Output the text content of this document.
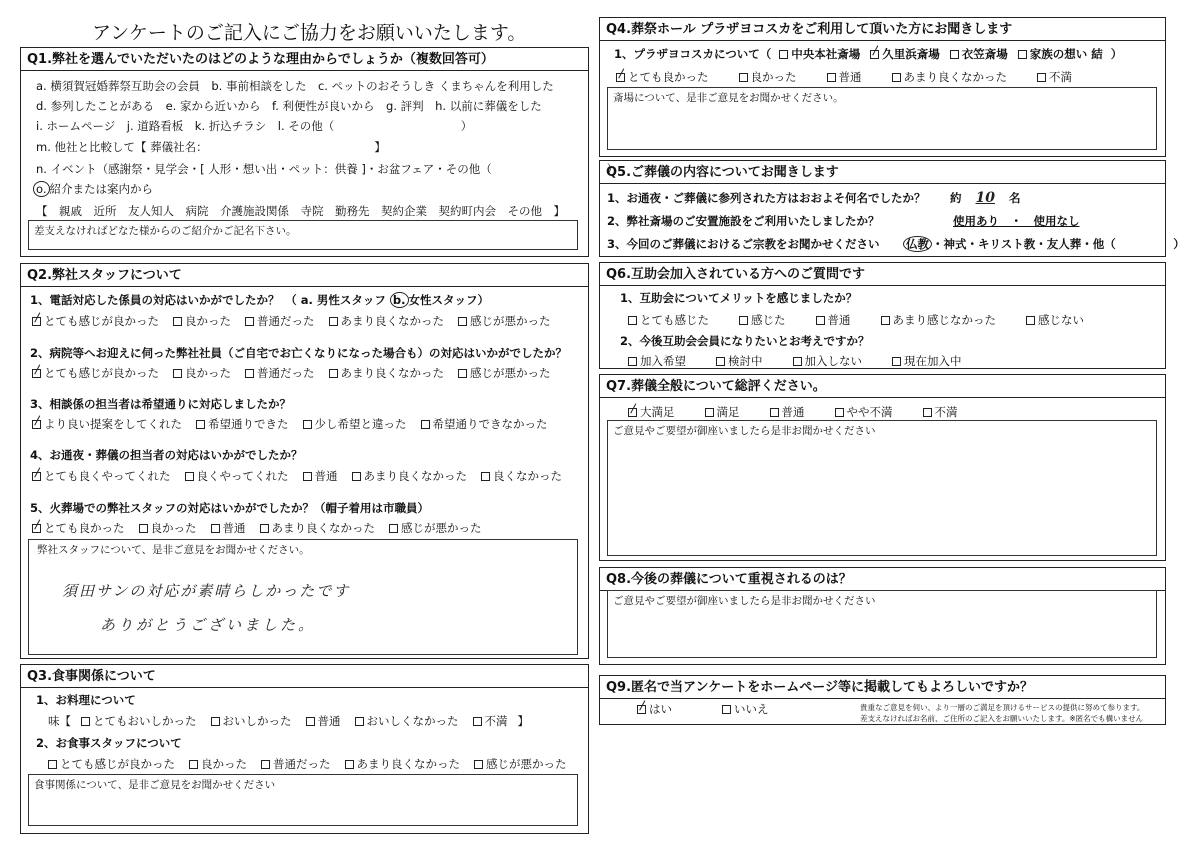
アンケートのご記入にご協力をお願いいたします。
Q1.弊社を選んでいただいたのはどのような理由からでしょうか（複数回答可）
a. 横須賀冠婚葬祭互助会の会員　b. 事前相談をした　c. ペットのおそうしき くまちゃんを利用した
d. 参列したことがある　e. 家から近いから　f. 利便性が良いから　g. 評判　h. 以前に葬儀をした
i. ホームページ　j. 道路看板　k. 折込チラシ　l. その他（　　　　　　　　　　　）
m. 他社と比較して【 葬儀社名：　　　　　　　　　　　　　　　】
n. イベント（感謝祭・見学会・[ 人形・想い出・ペット：供養 ]・お盆フェア・その他（　　　　　　　　　　）
o. 紹介または案内から
【　親戚　近所　友人知人　病院　介護施設関係　寺院　勤務先　契約企業　契約町内会　その他　】
差支えなければどなた様からのご紹介かご記名下さい。
Q2.弊社スタッフについて
1、電話対応した係員の対応はいかがでしたか？　（ a. 男性スタッフ b. 女性スタッフ）
とても感じが良かった 良かった 普通だった あまり良くなかった 感じが悪かった
2、病院等へお迎えに伺った弊社社員（ご自宅でお亡くなりになった場合も）の対応はいかがでしたか？
とても感じが良かった 良かった 普通だった あまり良くなかった 感じが悪かった
3、相談係の担当者は希望通りに対応しましたか？
より良い提案をしてくれた 希望通りできた 少し希望と違った 希望通りできなかった
4、お通夜・葬儀の担当者の対応はいかがでしたか？
とても良くやってくれた 良くやってくれた 普通 あまり良くなかった 良くなかった
5、火葬場での弊社スタッフの対応はいかがでしたか？（帽子着用は市職員）
とても良かった 良かった 普通 あまり良くなかった 感じが悪かった
弊社スタッフについて、是非ご意見をお聞かせください。
須田サンの対応が素晴らしかったです
ありがとうございました。
Q3.食事関係について
1、お料理について
味【 とてもおいしかった おいしかった 普通 おいしくなかった 不満 】
2、お食事スタッフについて
とても感じが良かった 良かった 普通だった あまり良くなかった 感じが悪かった
食事関係について、是非ご意見をお聞かせください
Q4.葬祭ホール プラザヨコスカをご利用して頂いた方にお聞きします
1、プラザヨコスカについて（ 中央本社斎場 久里浜斎場 衣笠斎場 家族の想い 結 ）
とても良かった	良かった	普通	あまり良くなかった	不満
斎場について、是非ご意見をお聞かせください。
Q5.ご葬儀の内容についてお聞きします
1、お通夜・ご葬儀に参列された方はおおよそ何名でしたか？ 約 10 名
2、弊社斎場のご安置施設をご利用いたしましたか？	使用あり　・　使用なし
3、今回のご葬儀におけるご宗教をお聞かせください 仏教 ・神式・キリスト教・友人葬・他（　　　　　）
Q6.互助会加入されている方へのご質問です
1、互助会についてメリットを感じましたか？
とても感じた	感じた	普通	あまり感じなかった	感じない
2、今後互助会会員になりたいとお考えですか？
加入希望	検討中	加入しない	現在加入中
Q7.葬儀全般について総評ください。
大満足	満足	普通	やや不満	不満
ご意見やご要望が御座いましたら是非お聞かせください
Q8.今後の葬儀について重視されるのは？
ご意見やご要望が御座いましたら是非お聞かせください
Q9.匿名で当アンケートをホームページ等に掲載してもよろしいですか？
はい	いいえ	貴重なご意見を伺い、より一層のご満足を頂けるサービスの提供に努めて参ります。
差支えなければお名前、ご住所のご記入をお願いいたします。※匿名でも構いません
